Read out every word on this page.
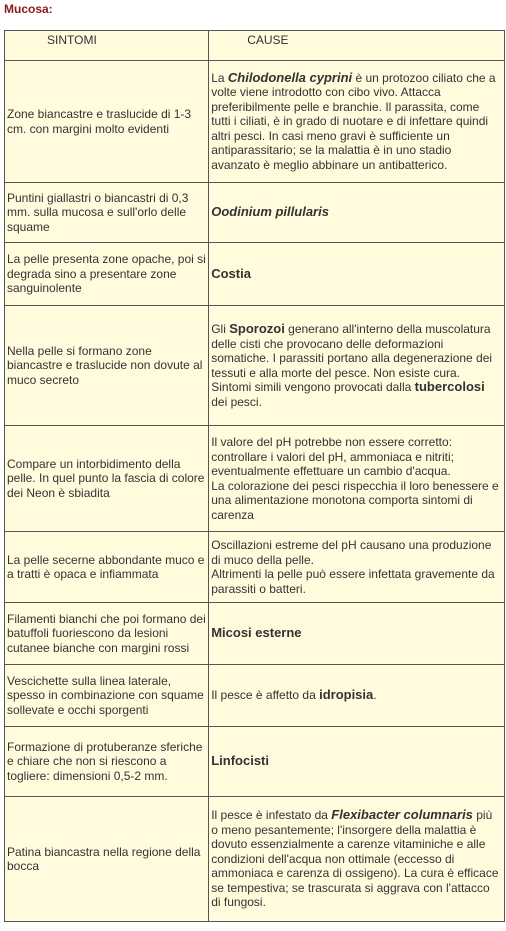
Mucosa:
SINTOMI	CAUSE
Zone biancastre e traslucide di 1-3 cm. con margini molto evidenti	La Chilodonella cyprini è un protozoo ciliato che a volte viene introdotto con cibo vivo. Attacca preferibilmente pelle e branchie. Il parassita, come tutti i ciliati, è in grado di nuotare e di infettare quindi altri pesci. In casi meno gravi è sufficiente un antiparassitario; se la malattia è in uno stadio avanzato è meglio abbinare un antibatterico.
Puntini giallastri o biancastri di 0,3 mm. sulla mucosa e sull'orlo delle squame	Oodinium pillularis
La pelle presenta zone opache, poi si degrada sino a presentare zone sanguinolente	Costia
Nella pelle si formano zone biancastre e traslucide non dovute al muco secreto	Gli Sporozoi generano all'interno della muscolatura delle cisti che provocano delle deformazioni somatiche. I parassiti portano alla degenerazione dei tessuti e alla morte del pesce. Non esiste cura.
Sintomi simili vengono provocati dalla tubercolosi dei pesci.

Compare un intorbidimento della pelle. In quel punto la fascia di colore dei Neon è sbiadita	Il valore del pH potrebbe non essere corretto: controllare i valori del pH, ammoniaca e nitriti; eventualmente effettuare un cambio d'acqua.
La colorazione dei pesci rispecchia il loro benessere e una alimentazione monotona comporta sintomi di carenza

La pelle secerne abbondante muco e a tratti è opaca e infiammata	Oscillazioni estreme del pH causano una produzione di muco della pelle.
Altrimenti la pelle può essere infettata gravemente da parassiti o batteri.

Filamenti bianchi che poi formano dei batuffoli fuoriescono da lesioni cutanee bianche con margini rossi	Micosi esterne
Vescichette sulla linea laterale, spesso in combinazione con squame sollevate e occhi sporgenti	Il pesce è affetto da idropisia.
Formazione di protuberanze sferiche e chiare che non si riescono a togliere: dimensioni 0,5-2 mm.	Linfocisti
Patina biancastra nella regione della bocca	Il pesce è infestato da Flexibacter columnaris più o meno pesantemente; l'insorgere della malattia è dovuto essenzialmente a carenze vitaminiche e alle condizioni dell'acqua non ottimale (eccesso di ammoniaca e carenza di ossigeno). La cura è efficace se tempestiva; se trascurata si aggrava con l'attacco di fungosi.
